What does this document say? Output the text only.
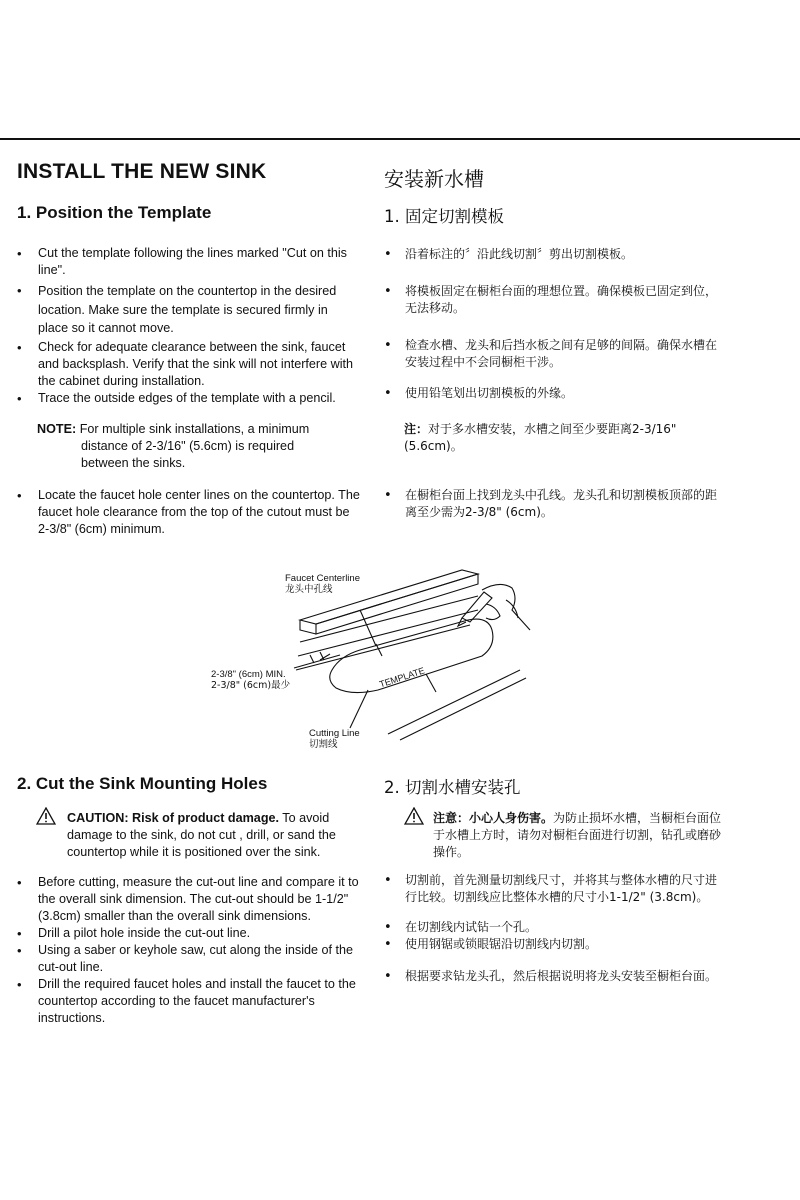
INSTALL THE NEW SINK
1. Position the Template
• Cut the template following the lines marked "Cut on this line".
• Position the template on the countertop in the desired location. Make sure the template is secured firmly in place so it cannot move.
• Check for adequate clearance between the sink, faucet and backsplash. Verify that the sink will not interfere with the cabinet during installation.
• Trace the outside edges of the template with a pencil.
NOTE: For multiple sink installations, a minimum
distance of 2-3/16" (5.6cm) is required
between the sinks.
• Locate the faucet hole center lines on the countertop. The faucet hole clearance from the top of the cutout must be 2-3/8" (6cm) minimum.
安装新水槽
1. 固定切割模板
• 沿着标注的〞沿此线切割〞剪出切割模板。
• 将模板固定在橱柜台面的理想位置。确保模板已固定到位，无法移动。
• 检查水槽、龙头和后挡水板之间有足够的间隔。确保水槽在安装过程中不会同橱柜干涉。
• 使用铅笔划出切割模板的外缘。
注：对于多水槽安装，水槽之间至少要距离2-3/16" (5.6cm)。
• 在橱柜台面上找到龙头中孔线。龙头孔和切割模板顶部的距离至少需为2-3/8" (6cm)。
TEMPLATE
Faucet Centerline
龙头中孔线
2-3/8" (6cm) MIN.
2-3/8" (6cm)最少
Cutting Line
切割线
2. Cut the Sink Mounting Holes
CAUTION: Risk of product damage. To avoid damage to the sink, do not cut , drill, or sand the countertop while it is positioned over the sink.
• Before cutting, measure the cut-out line and compare it to the overall sink dimension. The cut-out should be 1-1/2" (3.8cm) smaller than the overall sink dimensions.
• Drill a pilot hole inside the cut-out line.
• Using a saber or keyhole saw, cut along the inside of the cut-out line.
• Drill the required faucet holes and install the faucet to the countertop according to the faucet manufacturer's instructions.
2. 切割水槽安装孔
注意：小心人身伤害。为防止损坏水槽，当橱柜台面位于水槽上方时，请勿对橱柜台面进行切割，钻孔或磨砂操作。
• 切割前，首先测量切割线尺寸，并将其与整体水槽的尺寸进行比较。切割线应比整体水槽的尺寸小1-1/2" (3.8cm)。
• 在切割线内试钻一个孔。
• 使用钢锯或锁眼锯沿切割线内切割。
• 根据要求钻龙头孔，然后根据说明将龙头安装至橱柜台面。
